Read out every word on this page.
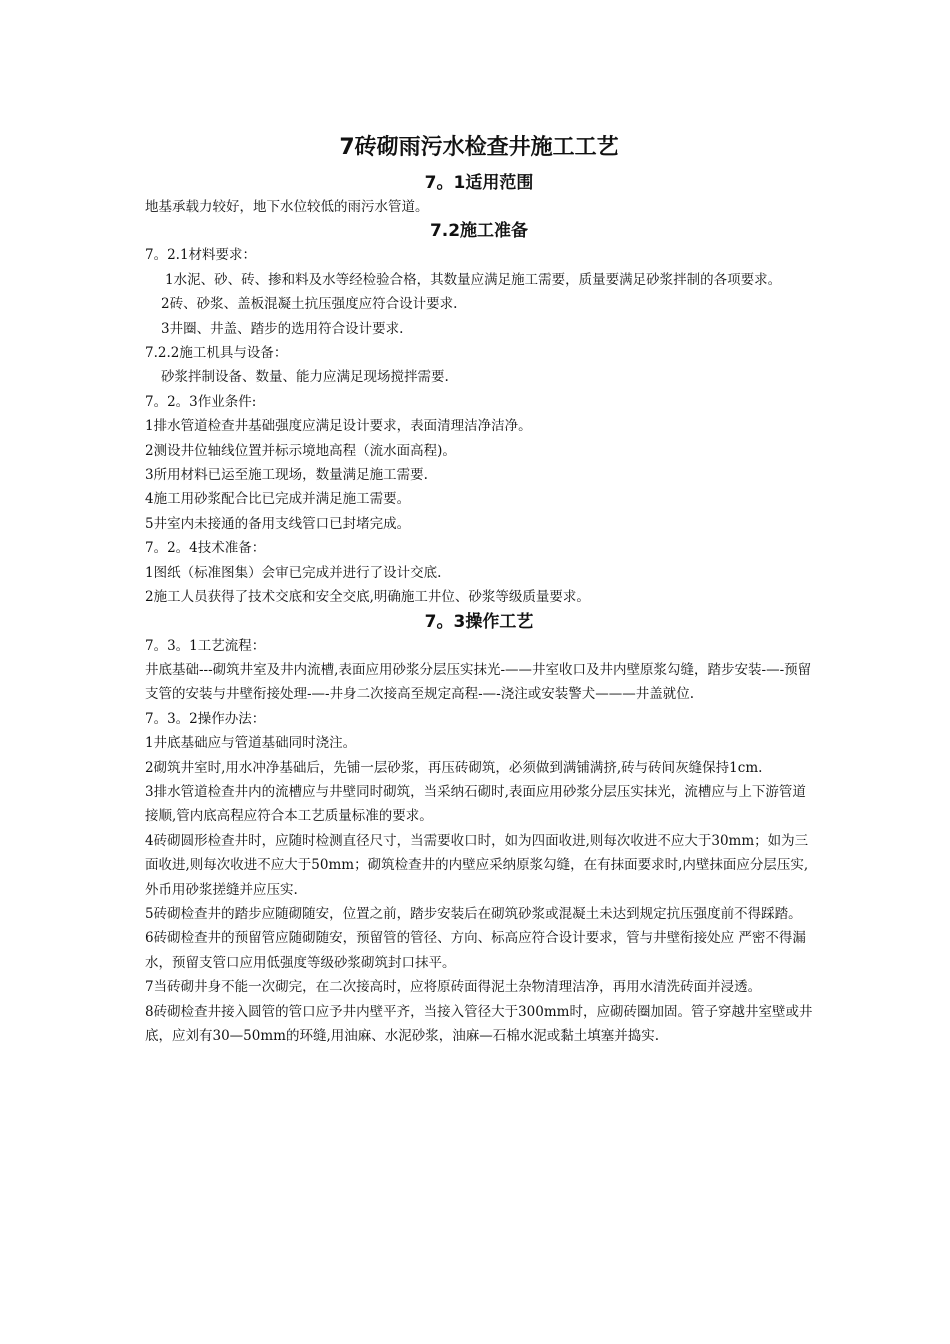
7砖砌雨污水检查井施工工艺
7。1适用范围

地基承载力较好，地下水位较低的雨污水管道。

7.2施工准备

7。2.1材料要求：

1水泥、砂、砖、掺和料及水等经检验合格，其数量应满足施工需要，质量要满足砂浆拌制的各项要求。

2砖、砂浆、盖板混凝土抗压强度应符合设计要求.

3井圈、井盖、踏步的选用符合设计要求.

7.2.2施工机具与设备：

砂浆拌制设备、数量、能力应满足现场搅拌需要.

7。2。3作业条件:

1排水管道检查井基础强度应满足设计要求，表面清理洁净洁净。

2测设井位轴线位置并标示境地高程（流水面高程)。

3所用材料已运至施工现场，数量满足施工需要.

4施工用砂浆配合比已完成并满足施工需要。

5井室内未接通的备用支线管口已封堵完成。

7。2。4技术准备：

1图纸（标准图集）会审已完成并进行了设计交底.

2施工人员获得了技术交底和安全交底,明确施工井位、砂浆等级质量要求。

7。3操作工艺

7。3。1工艺流程：

井底基础---砌筑井室及井内流槽,表面应用砂浆分层压实抹光-——井室收口及井内壁原浆勾缝，踏步安装-—-预留支管的安装与井壁衔接处理-—-井身二次接高至规定高程-—-浇注或安装警犬———井盖就位.

7。3。2操作办法：

1井底基础应与管道基础同时浇注。

2砌筑井室时,用水冲净基础后，先铺一层砂浆，再压砖砌筑，必须做到满铺满挤,砖与砖间灰缝保持1cm.

3排水管道检查井内的流槽应与井壁同时砌筑，当采纳石砌时,表面应用砂浆分层压实抹光，流槽应与上下游管道接顺,管内底高程应符合本工艺质量标准的要求。

4砖砌圆形检查井时，应随时检测直径尺寸，当需要收口时，如为四面收进,则每次收进不应大于30mm；如为三面收进,则每次收进不应大于50mm；砌筑检查井的内壁应采纳原浆勾缝，在有抹面要求时,内壁抹面应分层压实,外币用砂浆搓缝并应压实.

5砖砌检查井的踏步应随砌随安，位置之前，踏步安装后在砌筑砂浆或混凝土未达到规定抗压强度前不得踩踏。

6砖砌检查井的预留管应随砌随安，预留管的管径、方向、标高应符合设计要求，管与井壁衔接处应 严密不得漏水，预留支管口应用低强度等级砂浆砌筑封口抹平。

7当砖砌井身不能一次砌完，在二次接高时，应将原砖面得泥土杂物清理洁净，再用水清洗砖面并浸透。

8砖砌检查井接入圆管的管口应予井内壁平齐，当接入管径大于300mm时，应砌砖圈加固。管子穿越井室壁或井底，应刘有30—50mm的环缝,用油麻、水泥砂浆，油麻—石棉水泥或黏土填塞并捣实.
